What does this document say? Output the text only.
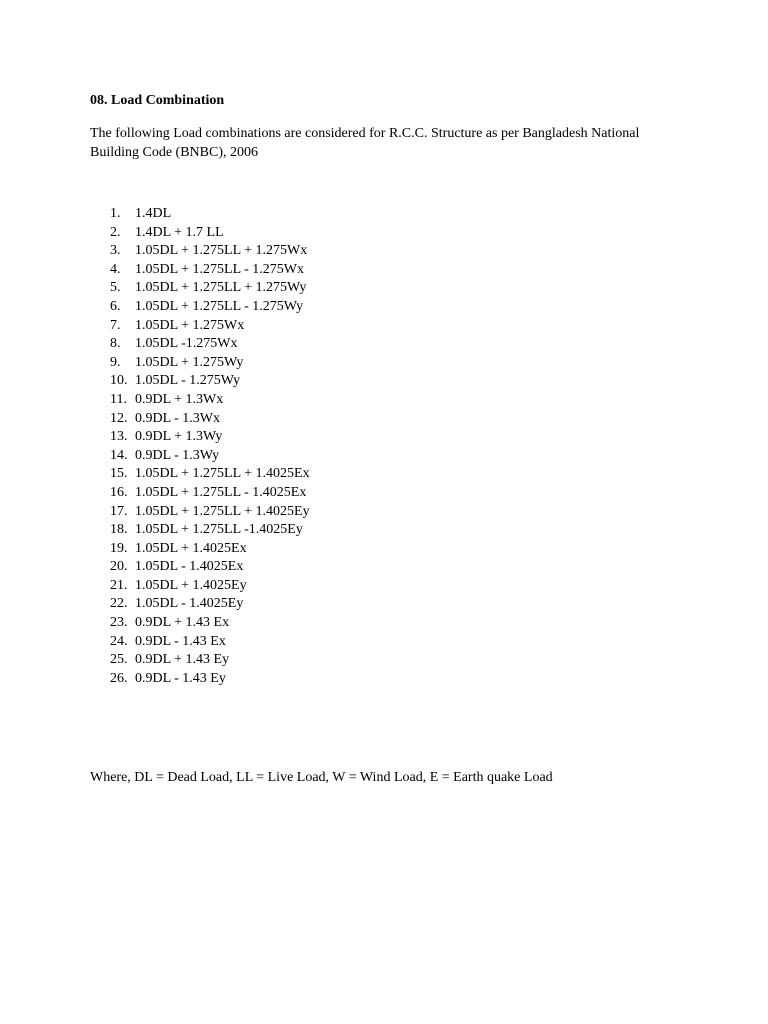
08. Load Combination
The following Load combinations are considered for R.C.C. Structure as per Bangladesh National Building Code (BNBC), 2006
1.	1.4DL
2.	1.4DL + 1.7 LL
3.	1.05DL + 1.275LL + 1.275Wx
4.	1.05DL + 1.275LL - 1.275Wx
5.	1.05DL + 1.275LL + 1.275Wy
6.	1.05DL + 1.275LL - 1.275Wy
7.	1.05DL + 1.275Wx
8.	1.05DL -1.275Wx
9.	1.05DL + 1.275Wy
10. 1.05DL - 1.275Wy
11. 0.9DL + 1.3Wx
12. 0.9DL - 1.3Wx
13. 0.9DL + 1.3Wy
14. 0.9DL - 1.3Wy
15. 1.05DL + 1.275LL + 1.4025Ex
16. 1.05DL + 1.275LL - 1.4025Ex
17. 1.05DL + 1.275LL + 1.4025Ey
18. 1.05DL + 1.275LL -1.4025Ey
19. 1.05DL + 1.4025Ex
20. 1.05DL - 1.4025Ex
21. 1.05DL + 1.4025Ey
22. 1.05DL - 1.4025Ey
23. 0.9DL + 1.43 Ex
24. 0.9DL - 1.43 Ex
25. 0.9DL + 1.43 Ey
26. 0.9DL - 1.43 Ey
Where, DL = Dead Load, LL = Live Load, W = Wind Load, E = Earth quake Load
